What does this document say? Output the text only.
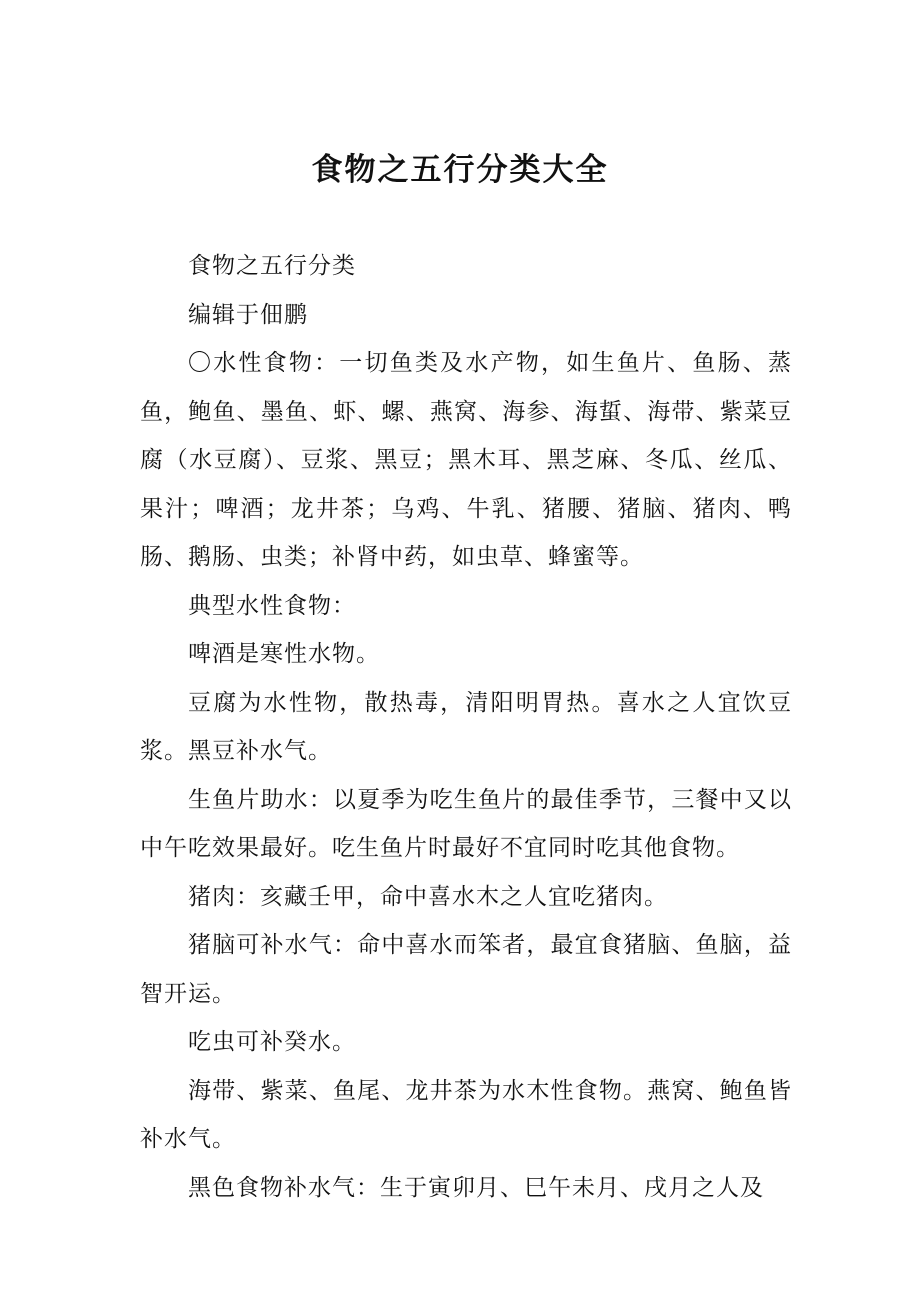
食物之五行分类大全

食物之五行分类

编辑于佃鹏

〇水性食物：一切鱼类及水产物，如生鱼片、鱼肠、蒸鱼，鲍鱼、墨鱼、虾、螺、燕窝、海参、海蜇、海带、紫菜豆腐（水豆腐）、豆浆、黑豆；黑木耳、黑芝麻、冬瓜、丝瓜、果汁；啤酒；龙井茶；乌鸡、牛乳、猪腰、猪脑、猪肉、鸭肠、鹅肠、虫类；补肾中药，如虫草、蜂蜜等。

典型水性食物：

啤酒是寒性水物。

豆腐为水性物，散热毒，清阳明胃热。喜水之人宜饮豆浆。黑豆补水气。

生鱼片助水：以夏季为吃生鱼片的最佳季节，三餐中又以中午吃效果最好。吃生鱼片时最好不宜同时吃其他食物。

猪肉：亥藏壬甲，命中喜水木之人宜吃猪肉。

猪脑可补水气：命中喜水而笨者，最宜食猪脑、鱼脑，益智开运。

吃虫可补癸水。

海带、紫菜、鱼尾、龙井茶为水木性食物。燕窝、鲍鱼皆补水气。

黑色食物补水气：生于寅卯月、巳午未月、戌月之人及
